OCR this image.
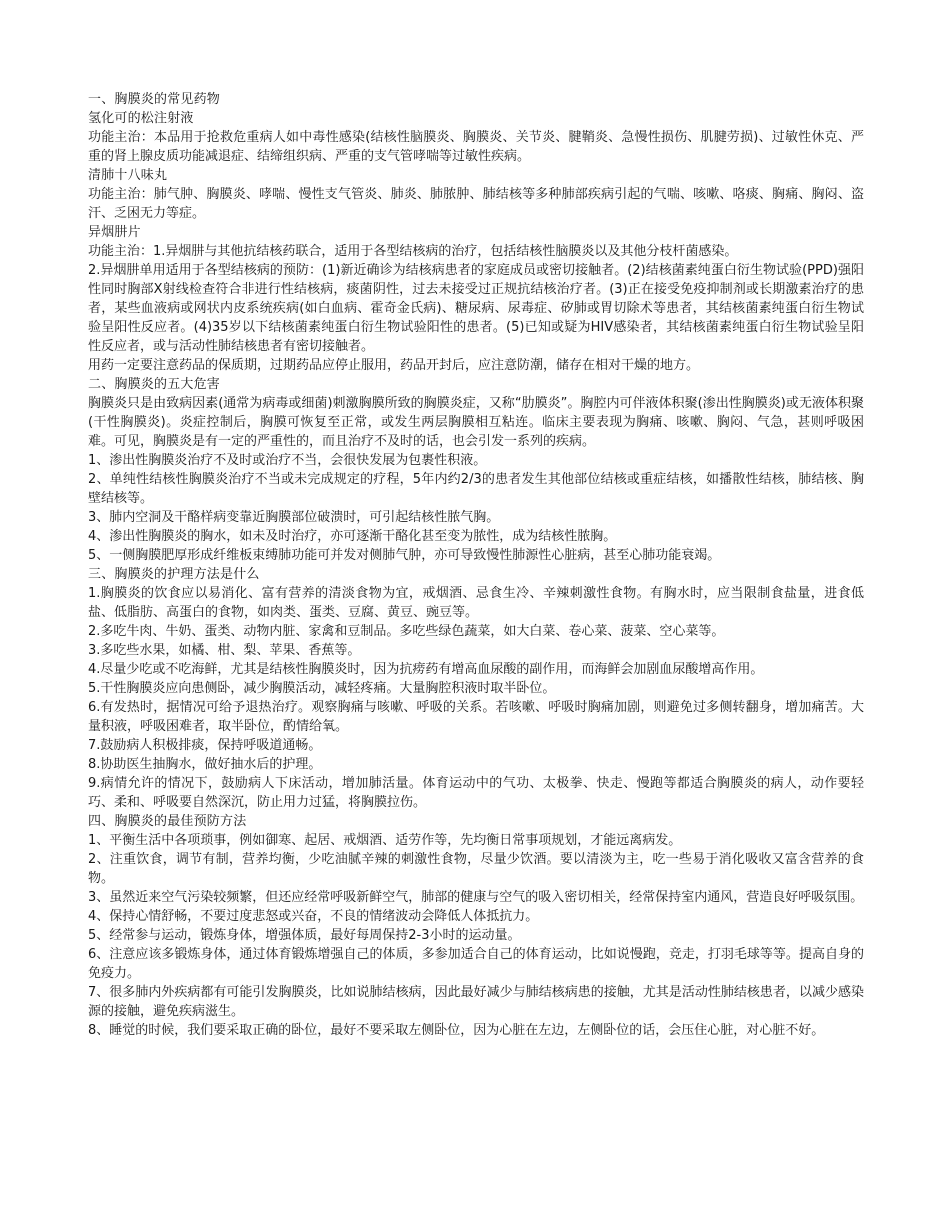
一、胸膜炎的常见药物

氢化可的松注射液

功能主治：本品用于抢救危重病人如中毒性感染(结核性脑膜炎、胸膜炎、关节炎、腱鞘炎、急慢性损伤、肌腱劳损)、过敏性休克、严重的肾上腺皮质功能减退症、结缔组织病、严重的支气管哮喘等过敏性疾病。

清肺十八味丸

功能主治：肺气肿、胸膜炎、哮喘、慢性支气管炎、肺炎、肺脓肿、肺结核等多种肺部疾病引起的气喘、咳嗽、咯痰、胸痛、胸闷、盗汗、乏困无力等症。

异烟肼片

功能主治：1.异烟肼与其他抗结核药联合，适用于各型结核病的治疗，包括结核性脑膜炎以及其他分枝杆菌感染。

2.异烟肼单用适用于各型结核病的预防：(1)新近确诊为结核病患者的家庭成员或密切接触者。(2)结核菌素纯蛋白衍生物试验(PPD)强阳性同时胸部X射线检查符合非进行性结核病，痰菌阴性，过去未接受过正规抗结核治疗者。(3)正在接受免疫抑制剂或长期激素治疗的患者，某些血液病或网状内皮系统疾病(如白血病、霍奇金氏病)、糖尿病、尿毒症、矽肺或胃切除术等患者，其结核菌素纯蛋白衍生物试验呈阳性反应者。(4)35岁以下结核菌素纯蛋白衍生物试验阳性的患者。(5)已知或疑为HIV感染者，其结核菌素纯蛋白衍生物试验呈阳性反应者，或与活动性肺结核患者有密切接触者。

用药一定要注意药品的保质期，过期药品应停止服用，药品开封后，应注意防潮，储存在相对干燥的地方。

二、胸膜炎的五大危害

胸膜炎只是由致病因素(通常为病毒或细菌)刺激胸膜所致的胸膜炎症，又称“肋膜炎”。胸腔内可伴液体积聚(渗出性胸膜炎)或无液体积聚(干性胸膜炎)。炎症控制后，胸膜可恢复至正常，或发生两层胸膜相互粘连。临床主要表现为胸痛、咳嗽、胸闷、气急，甚则呼吸困难。可见，胸膜炎是有一定的严重性的，而且治疗不及时的话，也会引发一系列的疾病。

1、渗出性胸膜炎治疗不及时或治疗不当，会很快发展为包裹性积液。

2、单纯性结核性胸膜炎治疗不当或未完成规定的疗程，5年内约2/3的患者发生其他部位结核或重症结核，如播散性结核，肺结核、胸壁结核等。

3、肺内空洞及干酪样病变靠近胸膜部位破溃时，可引起结核性脓气胸。

4、渗出性胸膜炎的胸水，如未及时治疗，亦可逐渐干酪化甚至变为脓性，成为结核性脓胸。

5、一侧胸膜肥厚形成纤维板束缚肺功能可并发对侧肺气肿，亦可导致慢性肺源性心脏病，甚至心肺功能衰竭。

三、胸膜炎的护理方法是什么

1.胸膜炎的饮食应以易消化、富有营养的清淡食物为宜，戒烟酒、忌食生冷、辛辣刺激性食物。有胸水时，应当限制食盐量，进食低盐、低脂肪、高蛋白的食物，如肉类、蛋类、豆腐、黄豆、豌豆等。

2.多吃牛肉、牛奶、蛋类、动物内脏、家禽和豆制品。多吃些绿色蔬菜，如大白菜、卷心菜、菠菜、空心菜等。

3.多吃些水果，如橘、柑、梨、苹果、香蕉等。

4.尽量少吃或不吃海鲜，尤其是结核性胸膜炎时，因为抗痨药有增高血尿酸的副作用，而海鲜会加剧血尿酸增高作用。

5.干性胸膜炎应向患侧卧，减少胸膜活动，减轻疼痛。大量胸腔积液时取半卧位。

6.有发热时，据情况可给予退热治疗。观察胸痛与咳嗽、呼吸的关系。若咳嗽、呼吸时胸痛加剧，则避免过多侧转翻身，增加痛苦。大量积液，呼吸困难者，取半卧位，酌情给氧。

7.鼓励病人积极排痰，保持呼吸道通畅。

8.协助医生抽胸水，做好抽水后的护理。

9.病情允许的情况下，鼓励病人下床活动，增加肺活量。体育运动中的气功、太极拳、快走、慢跑等都适合胸膜炎的病人，动作要轻巧、柔和、呼吸要自然深沉，防止用力过猛，将胸膜拉伤。

四、胸膜炎的最佳预防方法

1、平衡生活中各项琐事，例如御寒、起居、戒烟酒、适劳作等，先均衡日常事项规划，才能远离病发。

2、注重饮食，调节有制，营养均衡，少吃油腻辛辣的刺激性食物，尽量少饮酒。要以清淡为主，吃一些易于消化吸收又富含营养的食物。

3、虽然近来空气污染较频繁，但还应经常呼吸新鲜空气，肺部的健康与空气的吸入密切相关，经常保持室内通风，营造良好呼吸氛围。

4、保持心情舒畅，不要过度悲怒或兴奋，不良的情绪波动会降低人体抵抗力。

5、经常参与运动，锻炼身体，增强体质，最好每周保持2-3小时的运动量。

6、注意应该多锻炼身体，通过体育锻炼增强自己的体质，多参加适合自己的体育运动，比如说慢跑，竞走，打羽毛球等等。提高自身的免疫力。

7、很多肺内外疾病都有可能引发胸膜炎，比如说肺结核病，因此最好减少与肺结核病患的接触，尤其是活动性肺结核患者，以减少感染源的接触，避免疾病滋生。

8、睡觉的时候，我们要采取正确的卧位，最好不要采取左侧卧位，因为心脏在左边，左侧卧位的话，会压住心脏，对心脏不好。
